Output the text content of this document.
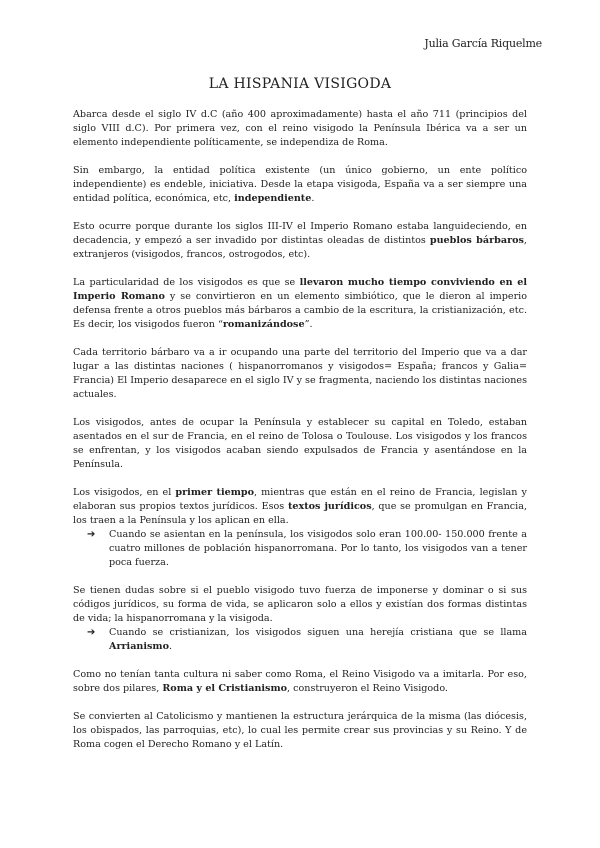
Julia García Riquelme
LA HISPANIA VISIGODA

Abarca desde el siglo IV d.C (año 400 aproximadamente) hasta el año 711 (principios del siglo VIII d.C). Por primera vez, con el reino visigodo la Península Ibérica va a ser un elemento independiente políticamente, se independiza de Roma.

Sin embargo, la entidad política existente (un único gobierno, un ente político independiente) es endeble, iniciativa. Desde la etapa visigoda, España va a ser siempre una entidad política, económica, etc, independiente.

Esto ocurre porque durante los siglos III-IV el Imperio Romano estaba languideciendo, en decadencia, y empezó a ser invadido por distintas oleadas de distintos pueblos bárbaros, extranjeros (visigodos, francos, ostrogodos, etc).

La particularidad de los visigodos es que se llevaron mucho tiempo conviviendo en el Imperio Romano y se convirtieron en un elemento simbiótico, que le dieron al imperio defensa frente a otros pueblos más bárbaros a cambio de la escritura, la cristianización, etc. Es decir, los visigodos fueron “romanizándose”.

Cada territorio bárbaro va a ir ocupando una parte del territorio del Imperio que va a dar lugar a las distintas naciones ( hispanorromanos y visigodos= España; francos y Galia= Francia) El Imperio desaparece en el siglo IV y se fragmenta, naciendo los distintas naciones actuales.

Los visigodos, antes de ocupar la Península y establecer su capital en Toledo, estaban asentados en el sur de Francia, en el reino de Tolosa o Toulouse. Los visigodos y los francos se enfrentan, y los visigodos acaban siendo expulsados de Francia y asentándose en la Península.

Los visigodos, en el primer tiempo, mientras que están en el reino de Francia, legislan y elaboran sus propios textos jurídicos. Esos textos jurídicos, que se promulgan en Francia, los traen a la Península y los aplican en ella.

➔	Cuando se asientan en la península, los visigodos solo eran 100.00- 150.000 frente a cuatro millones de población hispanorromana. Por lo tanto, los visigodos van a tener poca fuerza.

Se tienen dudas sobre si el pueblo visigodo tuvo fuerza de imponerse y dominar o si sus códigos jurídicos, su forma de vida, se aplicaron solo a ellos y existían dos formas distintas de vida; la hispanorromana y la visigoda.

➔	Cuando se cristianizan, los visigodos siguen una herejía cristiana que se llama Arrianismo.

Como no tenían tanta cultura ni saber como Roma, el Reino Visigodo va a imitarla. Por eso, sobre dos pilares, Roma y el Cristianismo, construyeron el Reino Visigodo.

Se convierten al Catolicismo y mantienen la estructura jerárquica de la misma (las diócesis, los obispados, las parroquias, etc), lo cual les permite crear sus provincias y su Reino. Y de Roma cogen el Derecho Romano y el Latín.
